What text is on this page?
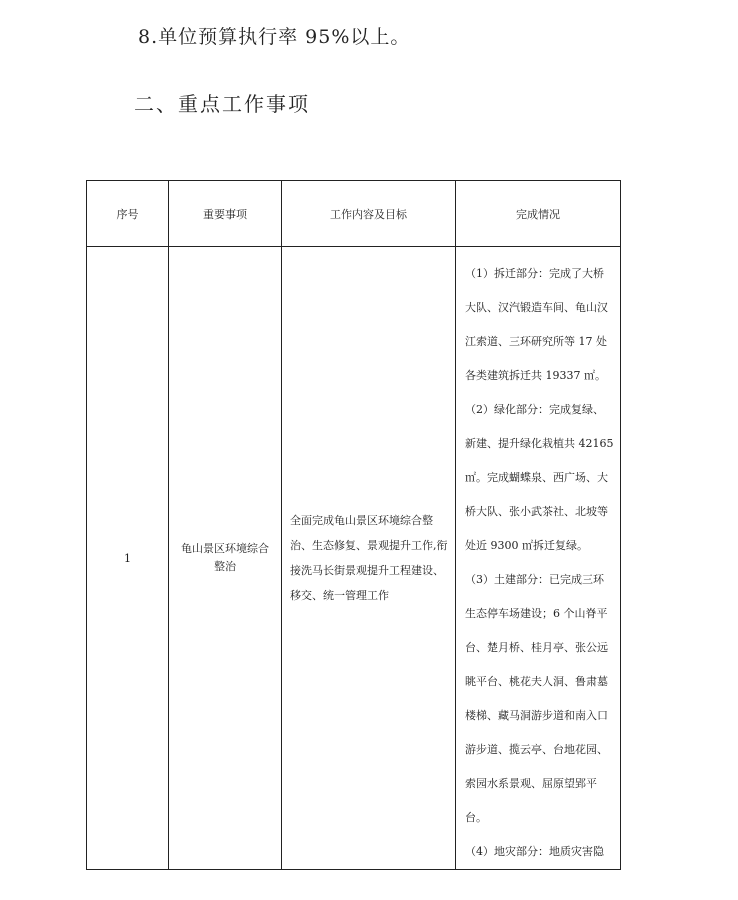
8.单位预算执行率 95%以上。
二、重点工作事项
序号	重要事项	工作内容及目标	完成情况
1	龟山景区环境综合整治	全面完成龟山景区环境综合整治、生态修复、景观提升工作,衔接洗马长街景观提升工程建设、移交、统一管理工作	（1）拆迁部分：完成了大桥大队、汉汽锻造车间、龟山汉江索道、三环研究所等 17 处各类建筑拆迁共 19337 ㎡。

（2）绿化部分：完成复绿、新建、提升绿化栽植共 42165 ㎡。完成蝴蝶泉、西广场、大桥大队、张小武茶社、北坡等处近 9300 ㎡拆迁复绿。

（3）土建部分：已完成三环生态停车场建设；6 个山脊平台、楚月桥、桂月亭、张公远眺平台、桃花夫人洞、鲁肃墓楼梯、藏马洞游步道和南入口游步道、揽云亭、台地花园、索园水系景观、屈原望郢平台。

（4）地灾部分：地质灾害隐
